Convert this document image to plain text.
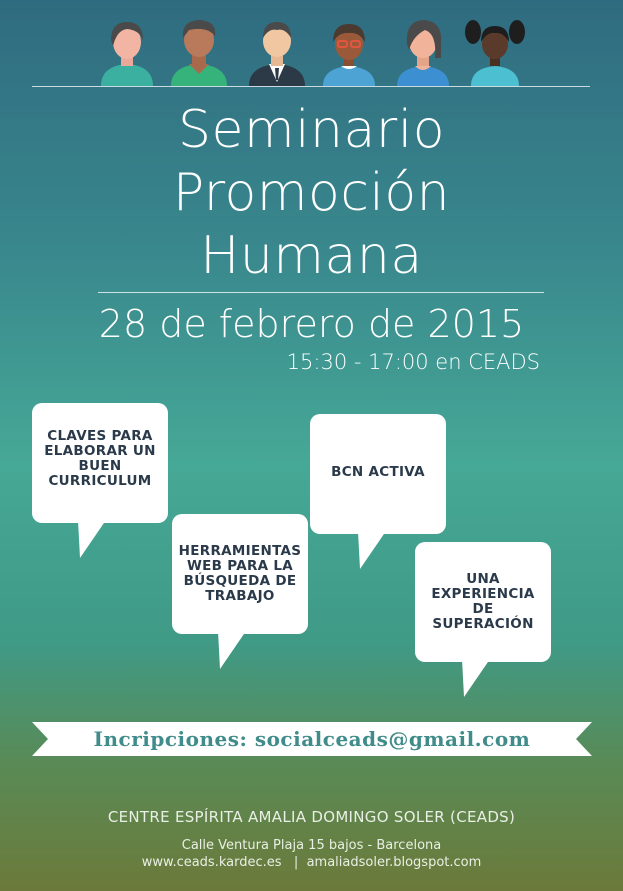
Seminario
Promoción
Humana
28 de febrero de 2015
15:30 - 17:00 en CEADS
CLAVES PARA ELABORAR UN BUEN CURRICULUM
HERRAMIENTAS WEB PARA LA BÚSQUEDA DE TRABAJO
BCN ACTIVA
UNA EXPERIENCIA DE SUPERACIÓN
Incripciones: socialceads@gmail.com
CENTRE ESPÍRITA AMALIA DOMINGO SOLER (CEADS)
Calle Ventura Plaja 15 bajos - Barcelona
www.ceads.kardec.es   |  amaliadsoler.blogspot.com
